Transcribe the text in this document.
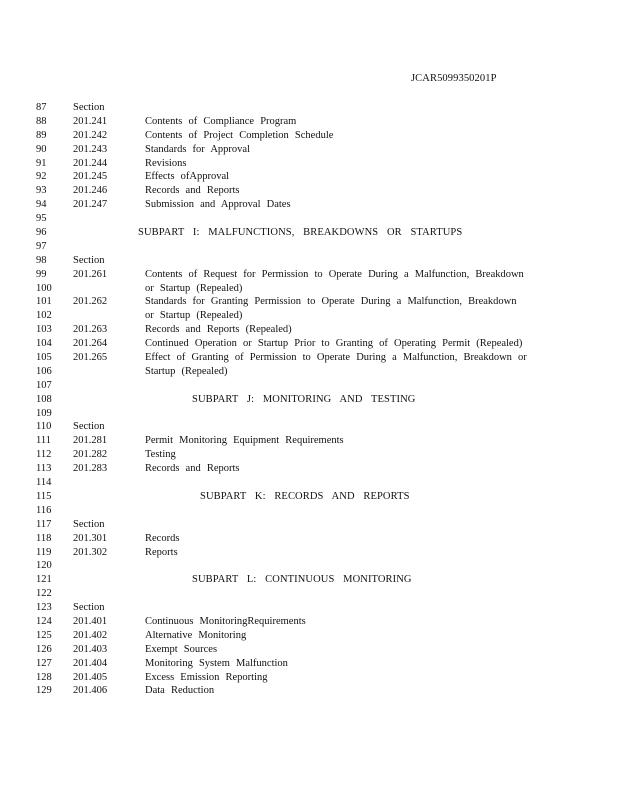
JCAR5099350201P
87	Section
88	201.241	Contents of Compliance Program
89	201.242	Contents of Project Completion Schedule
90	201.243	Standards for Approval
91	201.244	Revisions
92	201.245	Effects ofApproval
93	201.246	Records and Reports
94	201.247	Submission and Approval Dates
95
96	SUBPART I: MALFUNCTIONS, BREAKDOWNS OR STARTUPS
97
98	Section
99	201.261	Contents of Request for Permission to Operate During a Malfunction, Breakdown
100	or Startup (Repealed)
101 201.262	Standards for Granting Permission to Operate During a Malfunction, Breakdown
102	or Startup (Repealed)
103 201.263	Records and Reports (Repealed)
104 201.264	Continued Operation or Startup Prior to Granting of Operating Permit (Repealed)
105 201.265	Effect of Granting of Permission to Operate During a Malfunction, Breakdown or
106	Startup (Repealed)
107
108	SUBPART J: MONITORING AND TESTING
109
110 Section
111 201.281	Permit Monitoring Equipment Requirements
112 201.282	Testing
113 201.283	Records and Reports
114
115	SUBPART K: RECORDS AND REPORTS
116
117 Section
118 201.301	Records
119 201.302	Reports
120
121	SUBPART L: CONTINUOUS MONITORING
122
123 Section
124 201.401	Continuous MonitoringRequirements
125 201.402	Alternative Monitoring
126 201.403	Exempt Sources
127 201.404	Monitoring System Malfunction
128 201.405	Excess Emission Reporting
129 201.406	Data Reduction
